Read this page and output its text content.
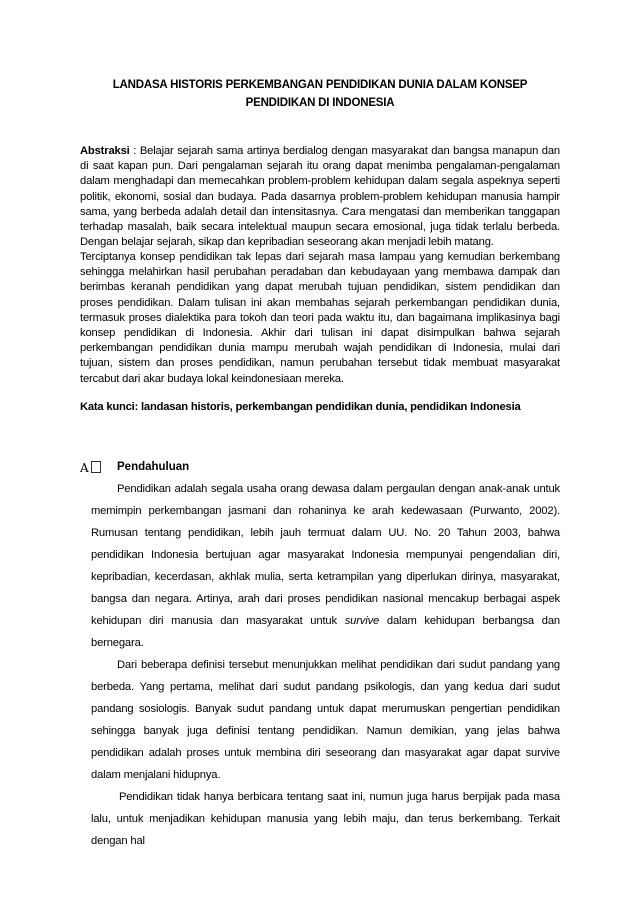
LANDASA HISTORIS PERKEMBANGAN PENDIDIKAN DUNIA DALAM KONSEP
PENDIDIKAN DI INDONESIA

Abstraksi : Belajar sejarah sama artinya berdialog dengan masyarakat dan bangsa manapun dan di saat kapan pun. Dari pengalaman sejarah itu orang dapat menimba pengalaman-pengalaman dalam menghadapi dan memecahkan problem-problem kehidupan dalam segala aspeknya seperti politik, ekonomi, sosial dan budaya. Pada dasarnya problem-problem kehidupan manusia hampir sama, yang berbeda adalah detail dan intensitasnya. Cara mengatasi dan memberikan tanggapan terhadap masalah, baik secara intelektual maupun secara emosional, juga tidak terlalu berbeda. Dengan belajar sejarah, sikap dan kepribadian seseorang akan menjadi lebih matang.

Terciptanya konsep pendidikan tak lepas dari sejarah masa lampau yang kemudian berkembang sehingga melahirkan hasil perubahan peradaban dan kebudayaan yang membawa dampak dan berimbas keranah pendidikan yang dapat merubah tujuan pendidikan, sistem pendidikan dan proses pendidikan. Dalam tulisan ini akan membahas sejarah perkembangan pendidikan dunia, termasuk proses dialektika para tokoh dan teori pada waktu itu, dan bagaimana implikasinya bagi konsep pendidikan di Indonesia. Akhir dari tulisan ini dapat disimpulkan bahwa sejarah perkembangan pendidikan dunia mampu merubah wajah pendidikan di Indonesia, mulai dari tujuan, sistem dan proses pendidikan, namun perubahan tersebut tidak membuat masyarakat tercabut dari akar budaya lokal keindonesiaan mereka.

Kata kunci: landasan historis, perkembangan pendidikan dunia, pendidikan Indonesia
A	Pendahuluan

Pendidikan adalah segala usaha orang dewasa dalam pergaulan dengan anak-anak untuk memimpin perkembangan jasmani dan rohaninya ke arah kedewasaan (Purwanto, 2002). Rumusan tentang pendidikan, lebih jauh termuat dalam UU. No. 20 Tahun 2003, bahwa pendidikan Indonesia bertujuan agar masyarakat Indonesia mempunyai pengendalian diri, kepribadian, kecerdasan, akhlak mulia, serta ketrampilan yang diperlukan dirinya, masyarakat, bangsa dan negara. Artinya, arah dari proses pendidikan nasional mencakup berbagai aspek kehidupan diri manusia dan masyarakat untuk survive dalam kehidupan berbangsa dan bernegara.

Dari beberapa definisi tersebut menunjukkan melihat pendidikan dari sudut pandang yang berbeda. Yang pertama, melihat dari sudut pandang psikologis, dan yang kedua dari sudut pandang sosiologis. Banyak sudut pandang untuk dapat merumuskan pengertian pendidikan sehingga banyak juga definisi tentang pendidikan. Namun demikian, yang jelas bahwa pendidikan adalah proses untuk membina diri seseorang dan masyarakat agar dapat survive dalam menjalani hidupnya.

Pendidikan tidak hanya berbicara tentang saat ini, numun juga harus berpijak pada masa lalu, untuk menjadikan kehidupan manusia yang lebih maju, dan terus berkembang. Terkait dengan hal
